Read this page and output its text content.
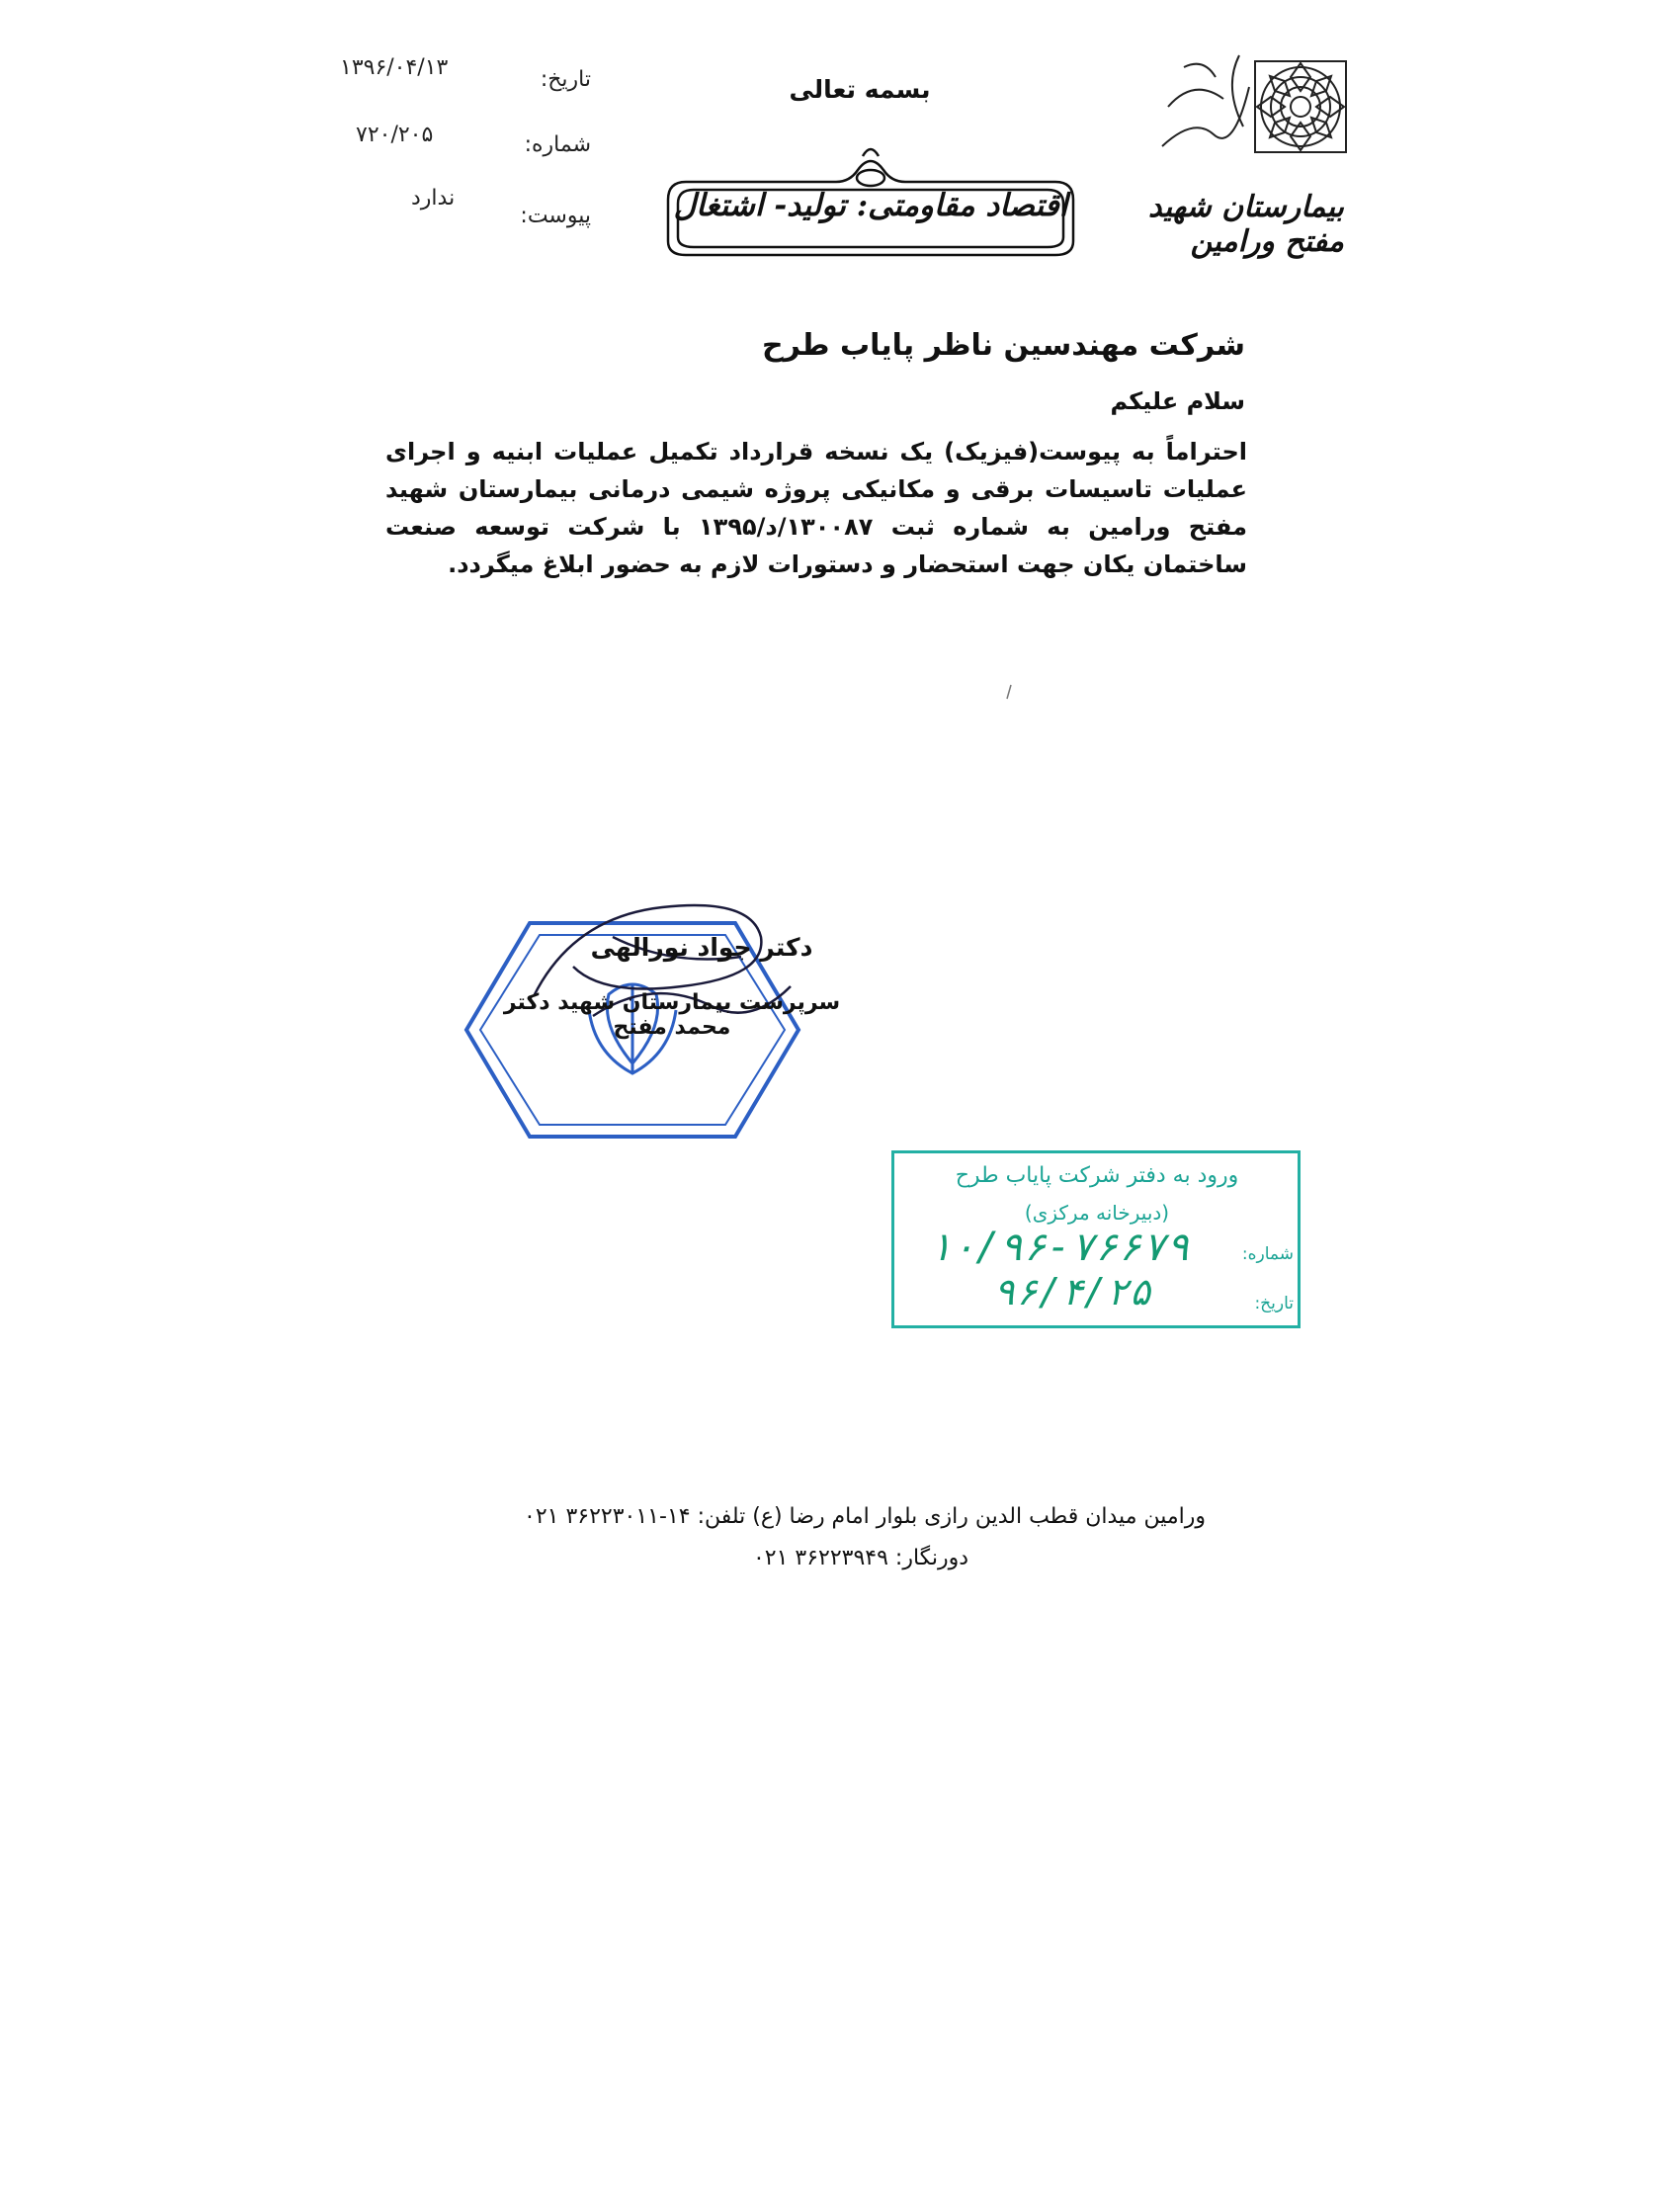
بسمه تعالی
بیمارستان شهید مفتح ورامین
اقتصاد مقاومتی: تولید- اشتغال
تاریخ:
شماره:
پیوست:
۱۳۹۶/۰۴/۱۳
۷۲۰/۲۰۵
ندارد
شرکت مهندسین ناظر پایاب طرح
سلام علیکم
احتراماً به پیوست(فیزیک) یک نسخه قرارداد تکمیل عملیات ابنیه و اجرای عملیات تاسیسات برقی و مکانیکی پروژه شیمی درمانی بیمارستان شهید مفتح ورامین به شماره ثبت ۱۳۰۰۸۷/د/۱۳۹۵ با شرکت توسعه صنعت ساختمان یکان جهت استحضار و دستورات لازم به حضور ابلاغ میگردد.
دکتر جواد نورالهی
سرپرست بیمارستان شهید دکتر محمد مفتح
ورود به دفتر شرکت پایاب طرح
(دبیرخانه مرکزی)
شماره:
۱۰/۹۶-۷۶۶۷۹
تاریخ:
۹۶/۴/۲۵
ورامین میدان قطب الدین رازی بلوار امام رضا (ع) تلفن: ۱۴-۳۶۲۲۳۰۱۱ ۰۲۱
دورنگار: ۳۶۲۲۳۹۴۹ ۰۲۱
